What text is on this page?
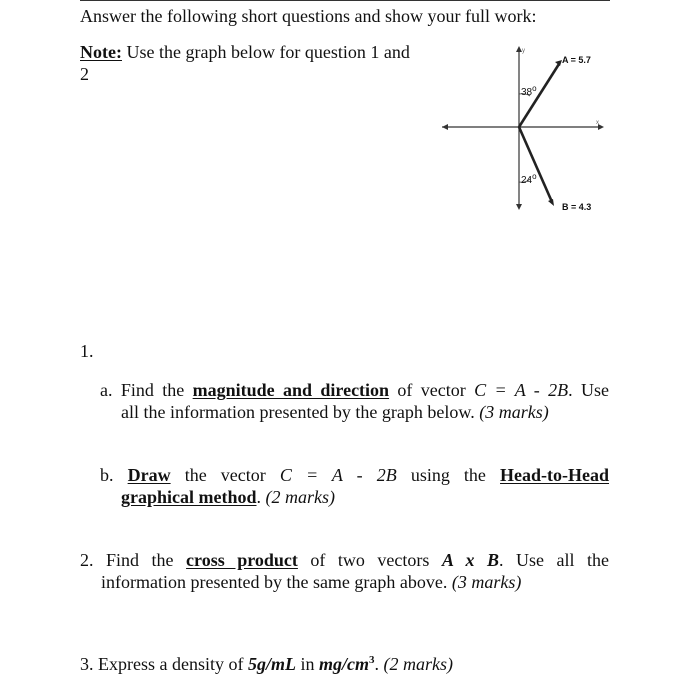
Answer the following short questions and show your full work:
Note: Use the graph below for question 1 and
2
x
y
A = 5.7
B = 4.3
38$^o$
24$^o$
1.
a. Find the magnitude and direction of vector C = A - 2B. Use
all the information presented by the graph below. (3 marks)
b. Draw the vector C = A - 2B using the Head-to-Head
graphical method. (2 marks)
2. Find the cross product of two vectors A x B. Use all the
information presented by the same graph above. (3 marks)
3. Express a density of 5g/mL in $mg/cm^3$. (2 marks)
